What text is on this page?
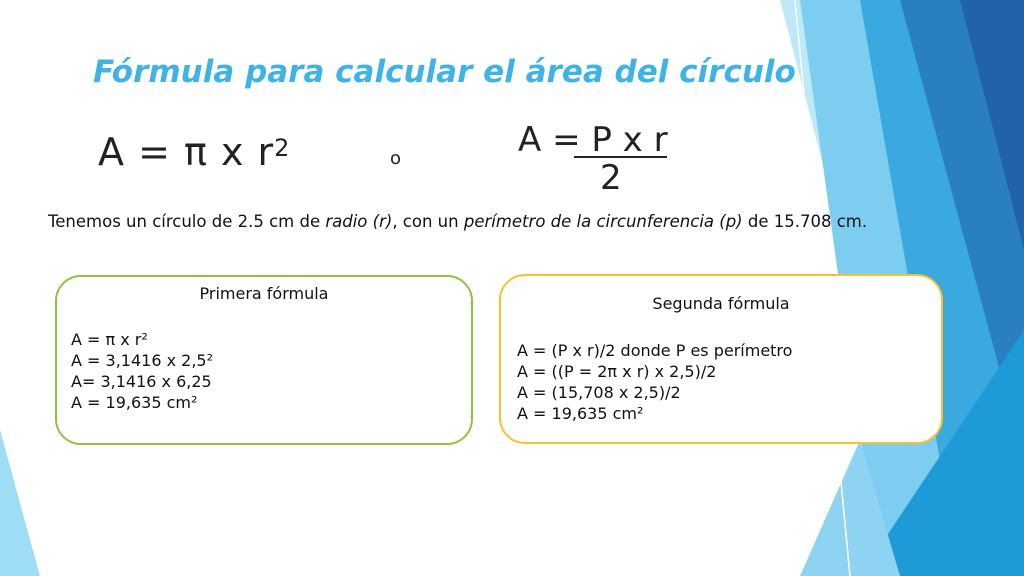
Fórmula para calcular el área del círculo
A = π x $r^2$	o	A = P x r
2
Tenemos un círculo de 2.5 cm de radio (r), con un perímetro de la circunferencia (p) de 15.708 cm.
Primera fórmula
A = π x r²
A = 3,1416 x 2,5²
A= 3,1416 x 6,25
A = 19,635 cm²
Segunda fórmula
A = (P x r)/2 donde P es perímetro
A = ((P = 2π x r) x 2,5)/2
A = (15,708 x 2,5)/2
A = 19,635 cm²
